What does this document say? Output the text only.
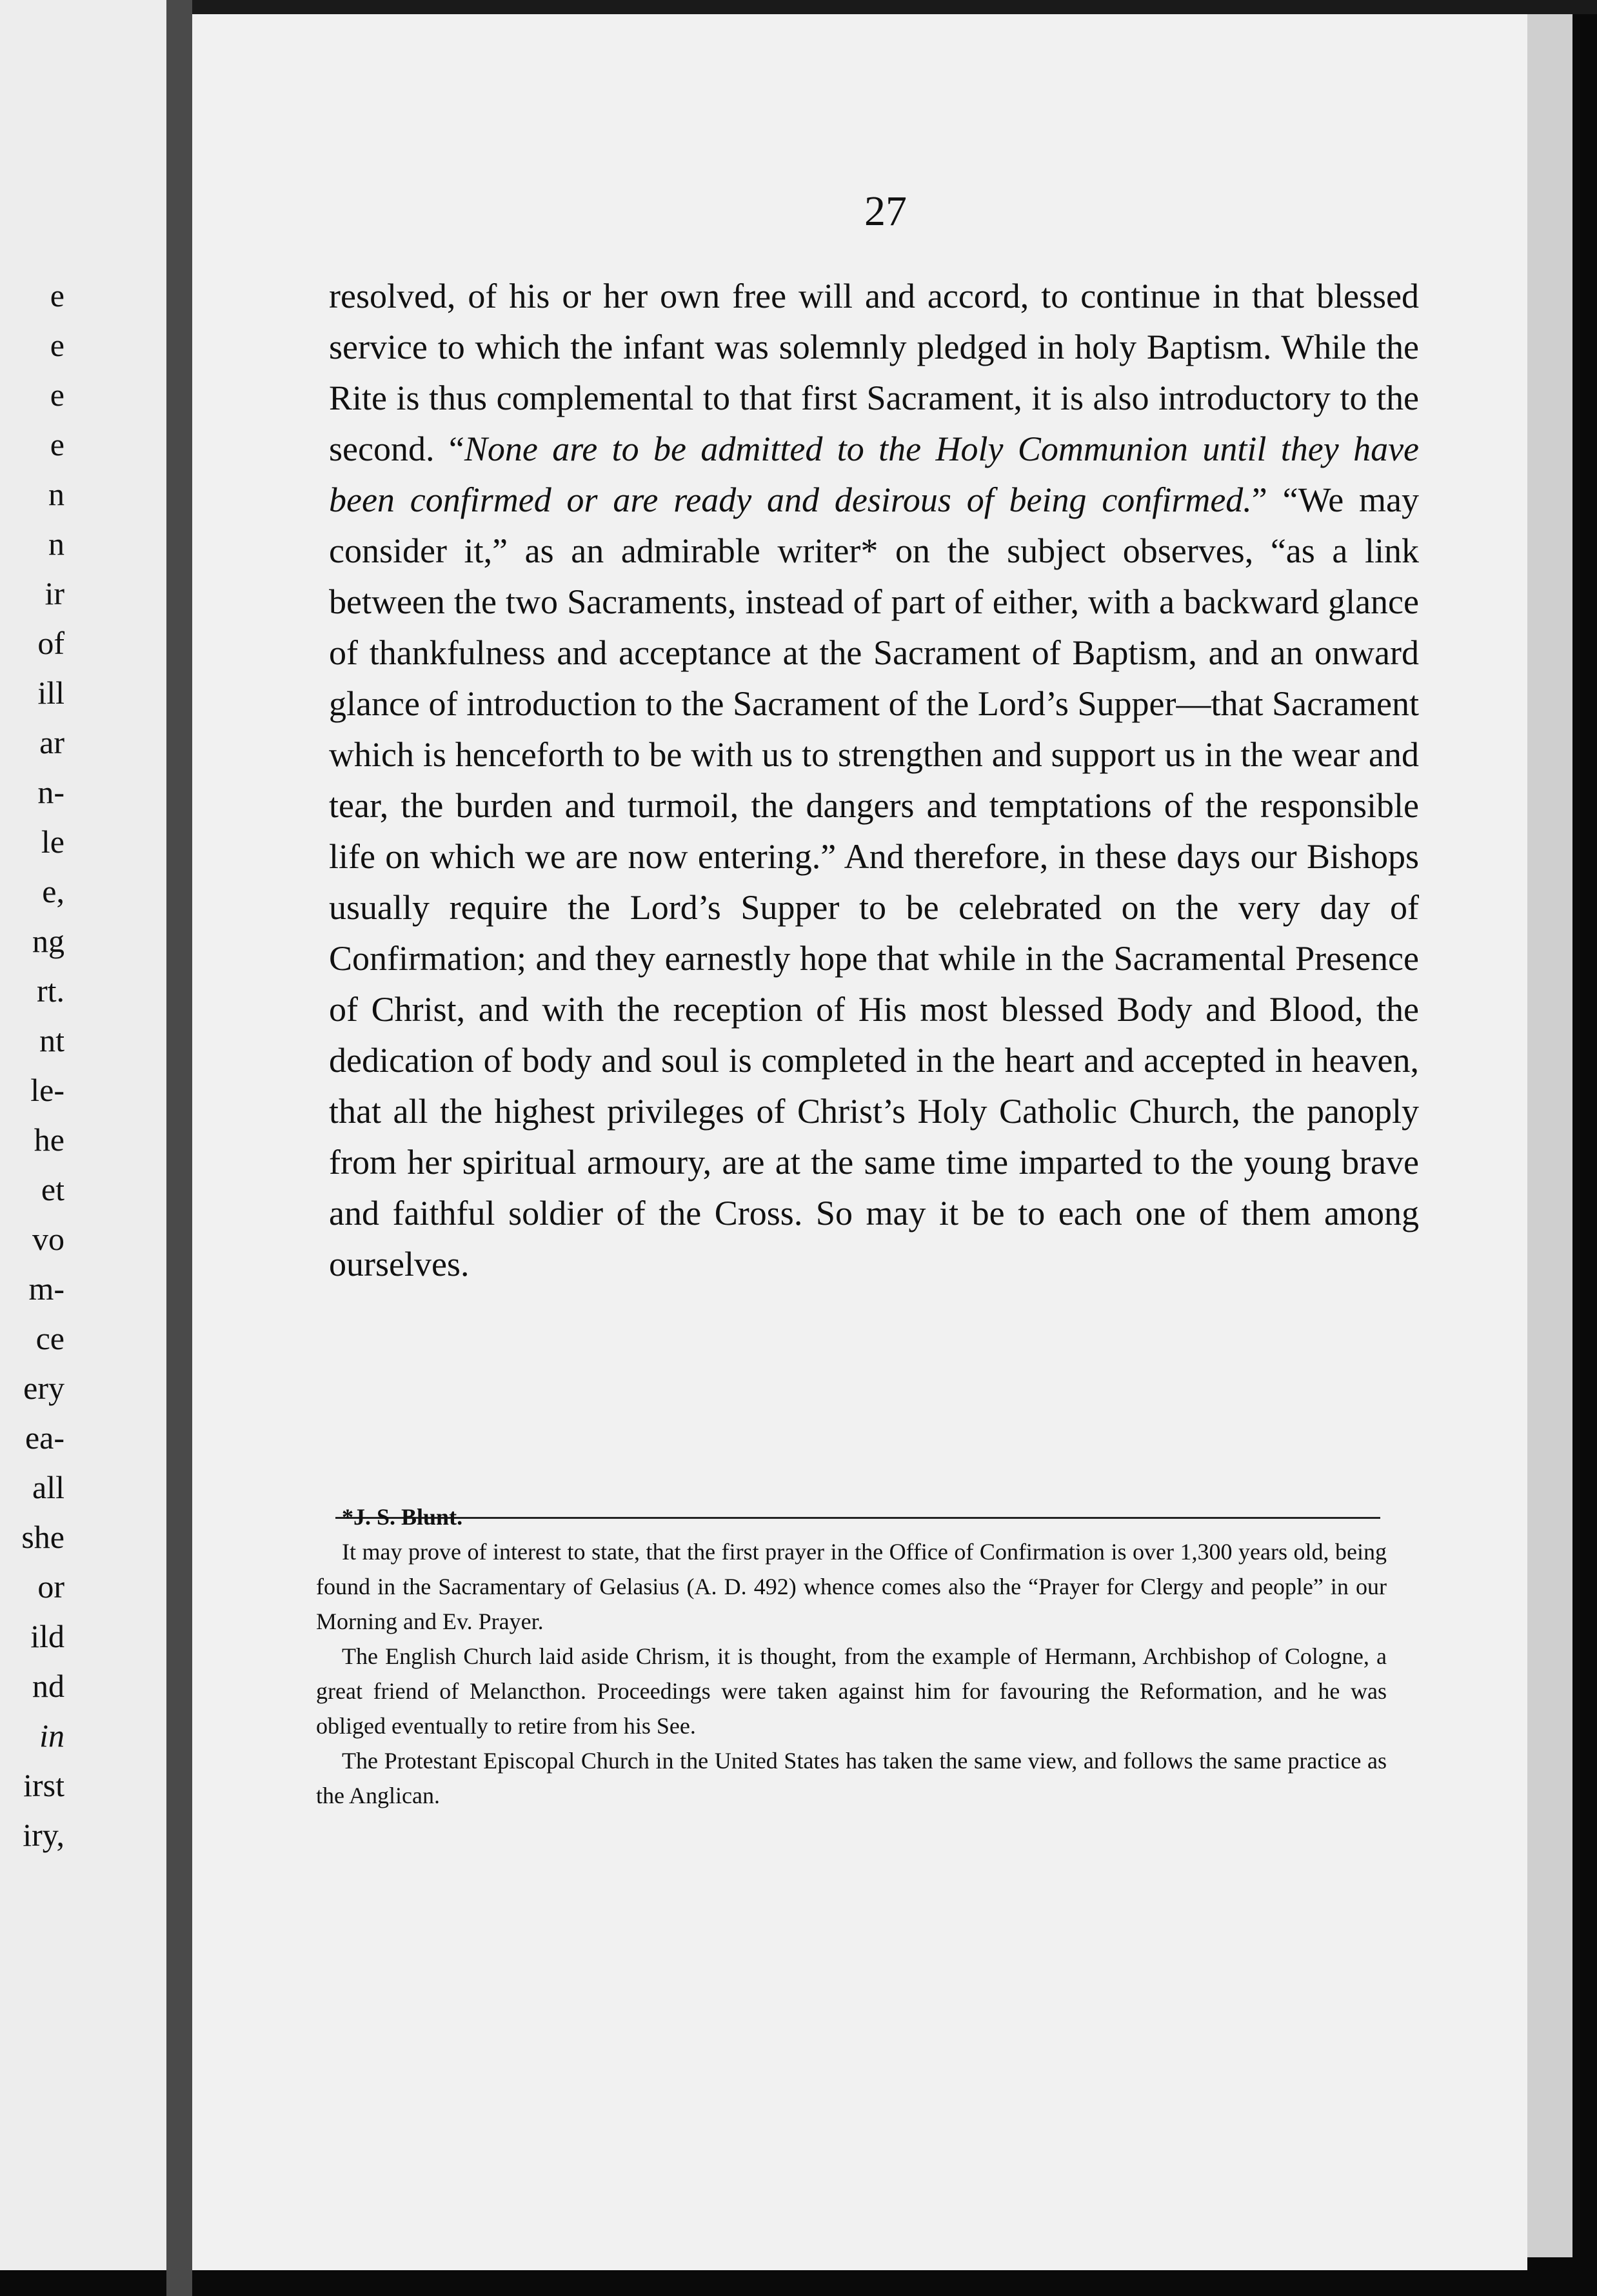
e
e
e
e
n
n
ir
of
ill
ar
n-
le
e,
ng
rt.
nt
le-
he
et
vo
m-
ce
ery
ea-
all
she
or
ild
nd
in
irst
iry,
27

resolved, of his or her own free will and accord, to continue in that blessed service to which the infant was solemnly pledged in holy Baptism. While the Rite is thus complemental to that first Sacrament, it is also introductory to the second. “None are to be admitted to the Holy Communion until they have been confirmed or are ready and desirous of being confirmed.” “We may consider it,” as an admirable writer* on the subject observes, “as a link between the two Sacraments, instead of part of either, with a backward glance of thankfulness and acceptance at the Sacrament of Baptism, and an onward glance of introduction to the Sacrament of the Lord’s Supper—that Sacrament which is henceforth to be with us to strengthen and support us in the wear and tear, the burden and turmoil, the dangers and temptations of the responsible life on which we are now entering.” And therefore, in these days our Bishops usually require the Lord’s Supper to be celebrated on the very day of Confirmation; and they earnestly hope that while in the Sacramental Presence of Christ, and with the reception of His most blessed Body and Blood, the dedication of body and soul is completed in the heart and accepted in heaven, that all the highest privileges of Christ’s Holy Catholic Church, the panoply from her spiritual armoury, are at the same time imparted to the young brave and faithful soldier of the Cross. So may it be to each one of them among ourselves.

*J. S. Blunt.

It may prove of interest to state, that the first prayer in the Office of Confirmation is over 1,300 years old, being found in the Sacramentary of Gelasius (A. D. 492) whence comes also the “Prayer for Clergy and people” in our Morning and Ev. Prayer.

The English Church laid aside Chrism, it is thought, from the example of Hermann, Archbishop of Cologne, a great friend of Melancthon. Proceedings were taken against him for favouring the Reformation, and he was obliged eventually to retire from his See.

The Protestant Episcopal Church in the United States has taken the same view, and follows the same practice as the Anglican.
